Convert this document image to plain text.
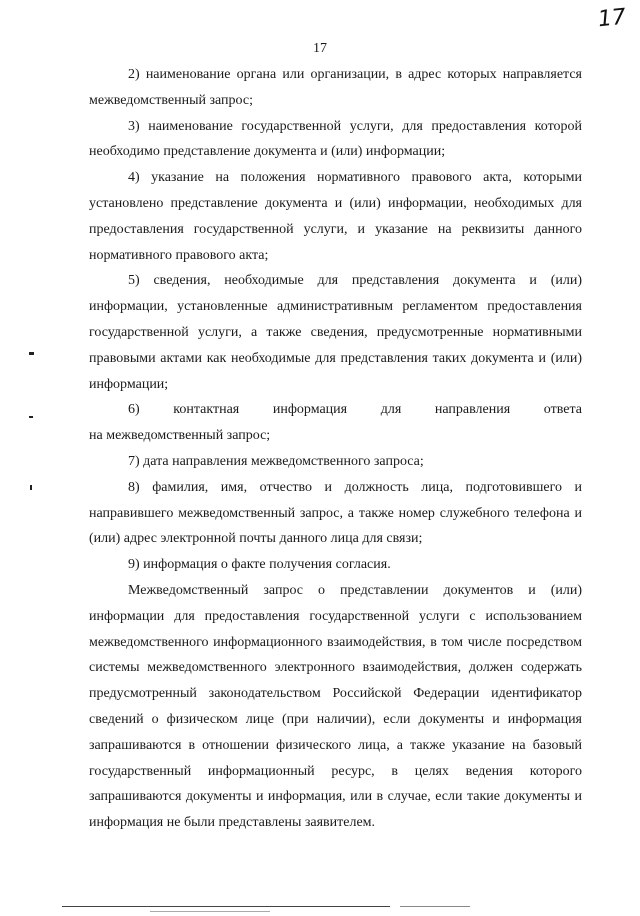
17
17

2) наименование органа или организации, в адрес которых направляется межведомственный запрос;

3) наименование государственной услуги, для предоставления которой необходимо представление документа и (или) информации;

4) указание на положения нормативного правового акта, которыми установлено представление документа и (или) информации, необходимых для предоставления государственной услуги, и указание на реквизиты данного нормативного правового акта;

5) сведения, необходимые для представления документа и (или) информации, установленные административным регламентом предоставления государственной услуги, а также сведения, предусмотренные нормативными правовыми актами как необходимые для представления таких документа и (или) информации;

6) контактная информация для направления ответа

на межведомственный запрос;

7) дата направления межведомственного запроса;

8) фамилия, имя, отчество и должность лица, подготовившего и направившего межведомственный запрос, а также номер служебного телефона и (или) адрес электронной почты данного лица для связи;

9) информация о факте получения согласия.

Межведомственный запрос о представлении документов и (или) информации для предоставления государственной услуги с использованием межведомственного информационного взаимодействия, в том числе посредством системы межведомственного электронного взаимодействия, должен содержать предусмотренный законодательством Российской Федерации идентификатор сведений о физическом лице (при наличии), если документы и информация запрашиваются в отношении физического лица, а также указание на базовый государственный информационный ресурс, в целях ведения которого запрашиваются документы и информация, или в случае, если такие документы и информация не были представлены заявителем.
